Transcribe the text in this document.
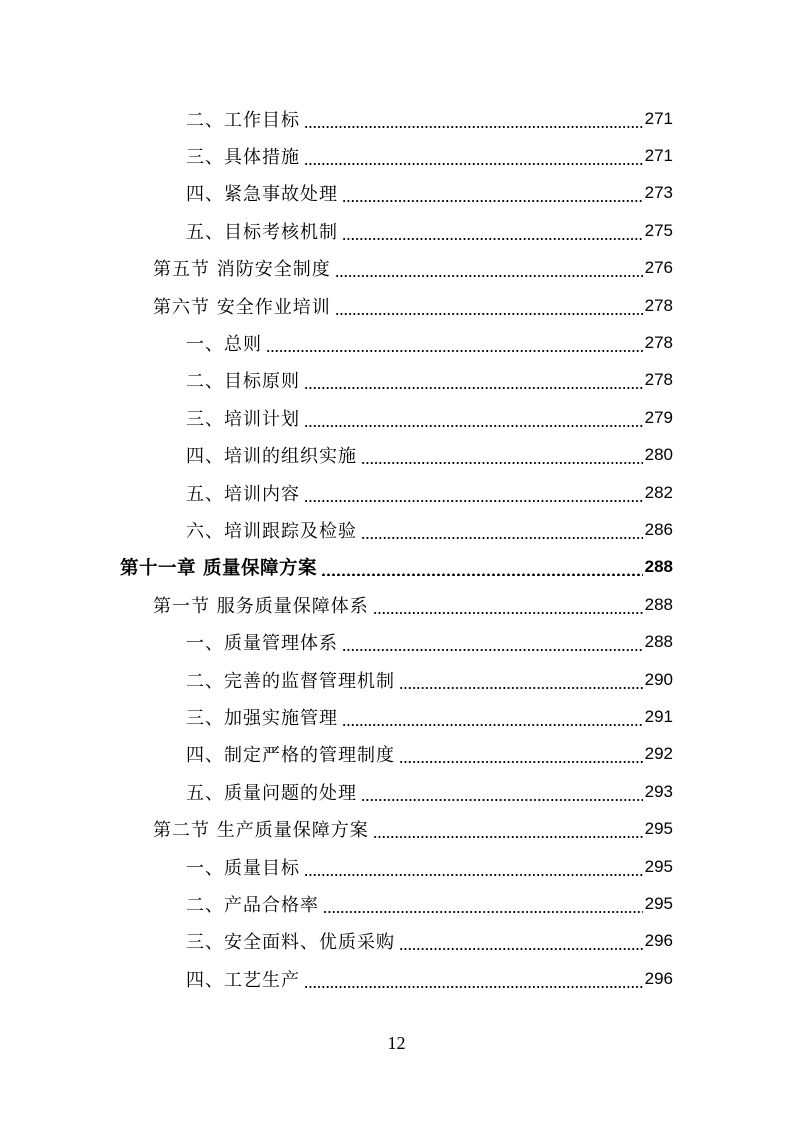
二、工作目标	271
三、具体措施	271
四、紧急事故处理	273
五、目标考核机制	275
第五节 消防安全制度	276
第六节 安全作业培训	278
一、总则	278
二、目标原则	278
三、培训计划	279
四、培训的组织实施	280
五、培训内容	282
六、培训跟踪及检验	286
第十一章 质量保障方案	288
第一节 服务质量保障体系	288
一、质量管理体系	288
二、完善的监督管理机制	290
三、加强实施管理	291
四、制定严格的管理制度	292
五、质量问题的处理	293
第二节 生产质量保障方案	295
一、质量目标	295
二、产品合格率	295
三、安全面料、优质采购	296
四、工艺生产	296
12
